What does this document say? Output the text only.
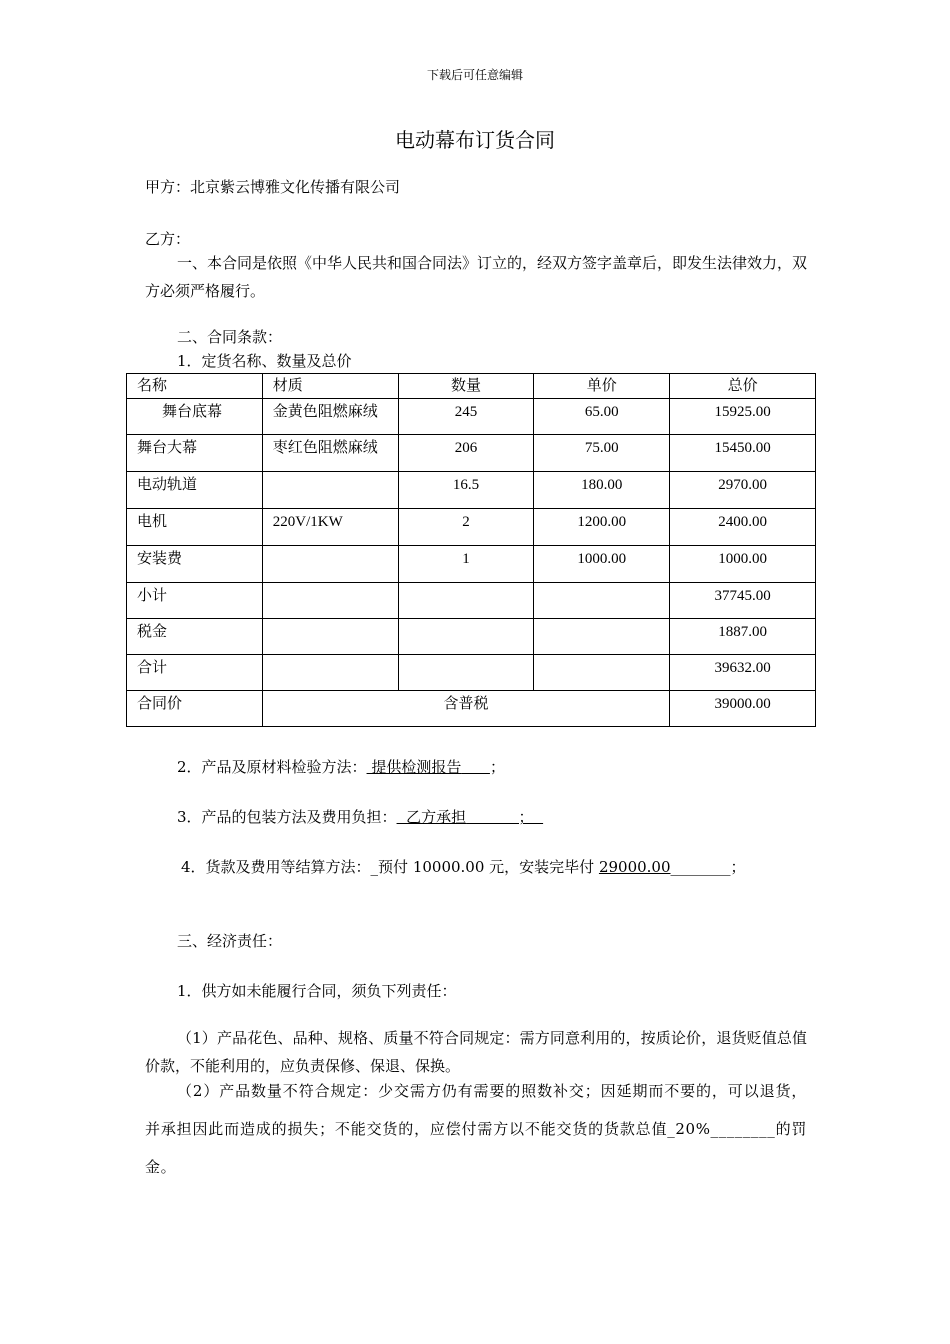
下载后可任意编辑
电动幕布订货合同
甲方：北京紫云博雅文化传播有限公司
乙方：
一、本合同是依照《中华人民共和国合同法》订立的，经双方签字盖章后，即发生法律效力，双方必须严格履行。
二、合同条款：
1．定货名称、数量及总价
名称	材质	数量	单价	总价
舞台底幕	金黄色阻燃麻绒	245	65.00	15925.00
舞台大幕	枣红色阻燃麻绒	206	75.00	15450.00
电动轨道		16.5	180.00	2970.00
电机	220V/1KW	2	1200.00	2400.00
安装费		1	1000.00	1000.00
小计				37745.00
税金				1887.00
合计				39632.00
合同价	含普税			39000.00
2．产品及原材料检验方法： 提供检测报告 ；
3．产品的包装方法及费用负担：  乙方承担           ；
4．货款及费用等结算方法：_预付 10000.00 元，安装完毕付 29000.00________；
三、经济责任：
1．供方如未能履行合同，须负下列责任：
（1）产品花色、品种、规格、质量不符合同规定：需方同意利用的，按质论价，退货贬值总值价款，不能利用的，应负责保修、保退、保换。
（2）产品数量不符合规定：少交需方仍有需要的照数补交；因延期而不要的，可以退货，并承担因此而造成的损失；不能交货的，应偿付需方以不能交货的货款总值_20%________的罚金。
